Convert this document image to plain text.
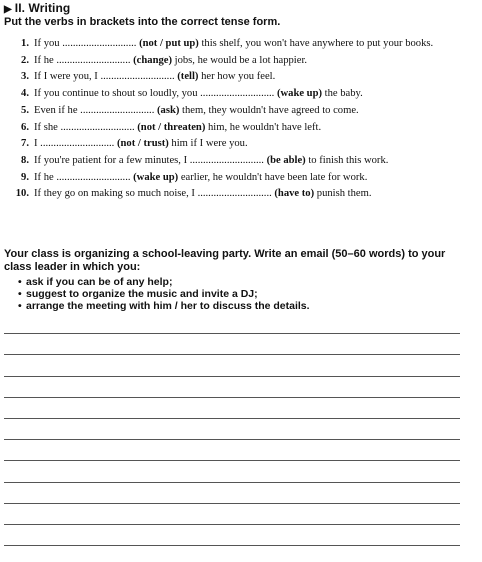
▶ II. Writing
Put the verbs in brackets into the correct tense form.
1. If you ............................ (not / put up) this shelf, you won't have anywhere to put your books.
2. If he ............................ (change) jobs, he would be a lot happier.
3. If I were you, I ............................ (tell) her how you feel.
4. If you continue to shout so loudly, you ............................ (wake up) the baby.
5. Even if he ............................ (ask) them, they wouldn't have agreed to come.
6. If she ............................ (not / threaten) him, he wouldn't have left.
7. I ............................ (not / trust) him if I were you.
8. If you're patient for a few minutes, I ............................ (be able) to finish this work.
9. If he ............................ (wake up) earlier, he wouldn't have been late for work.
10. If they go on making so much noise, I ............................ (have to) punish them.
Your class is organizing a school-leaving party. Write an email (50–60 words) to your class leader in which you:
• ask if you can be of any help;
• suggest to organize the music and invite a DJ;
• arrange the meeting with him / her to discuss the details.
